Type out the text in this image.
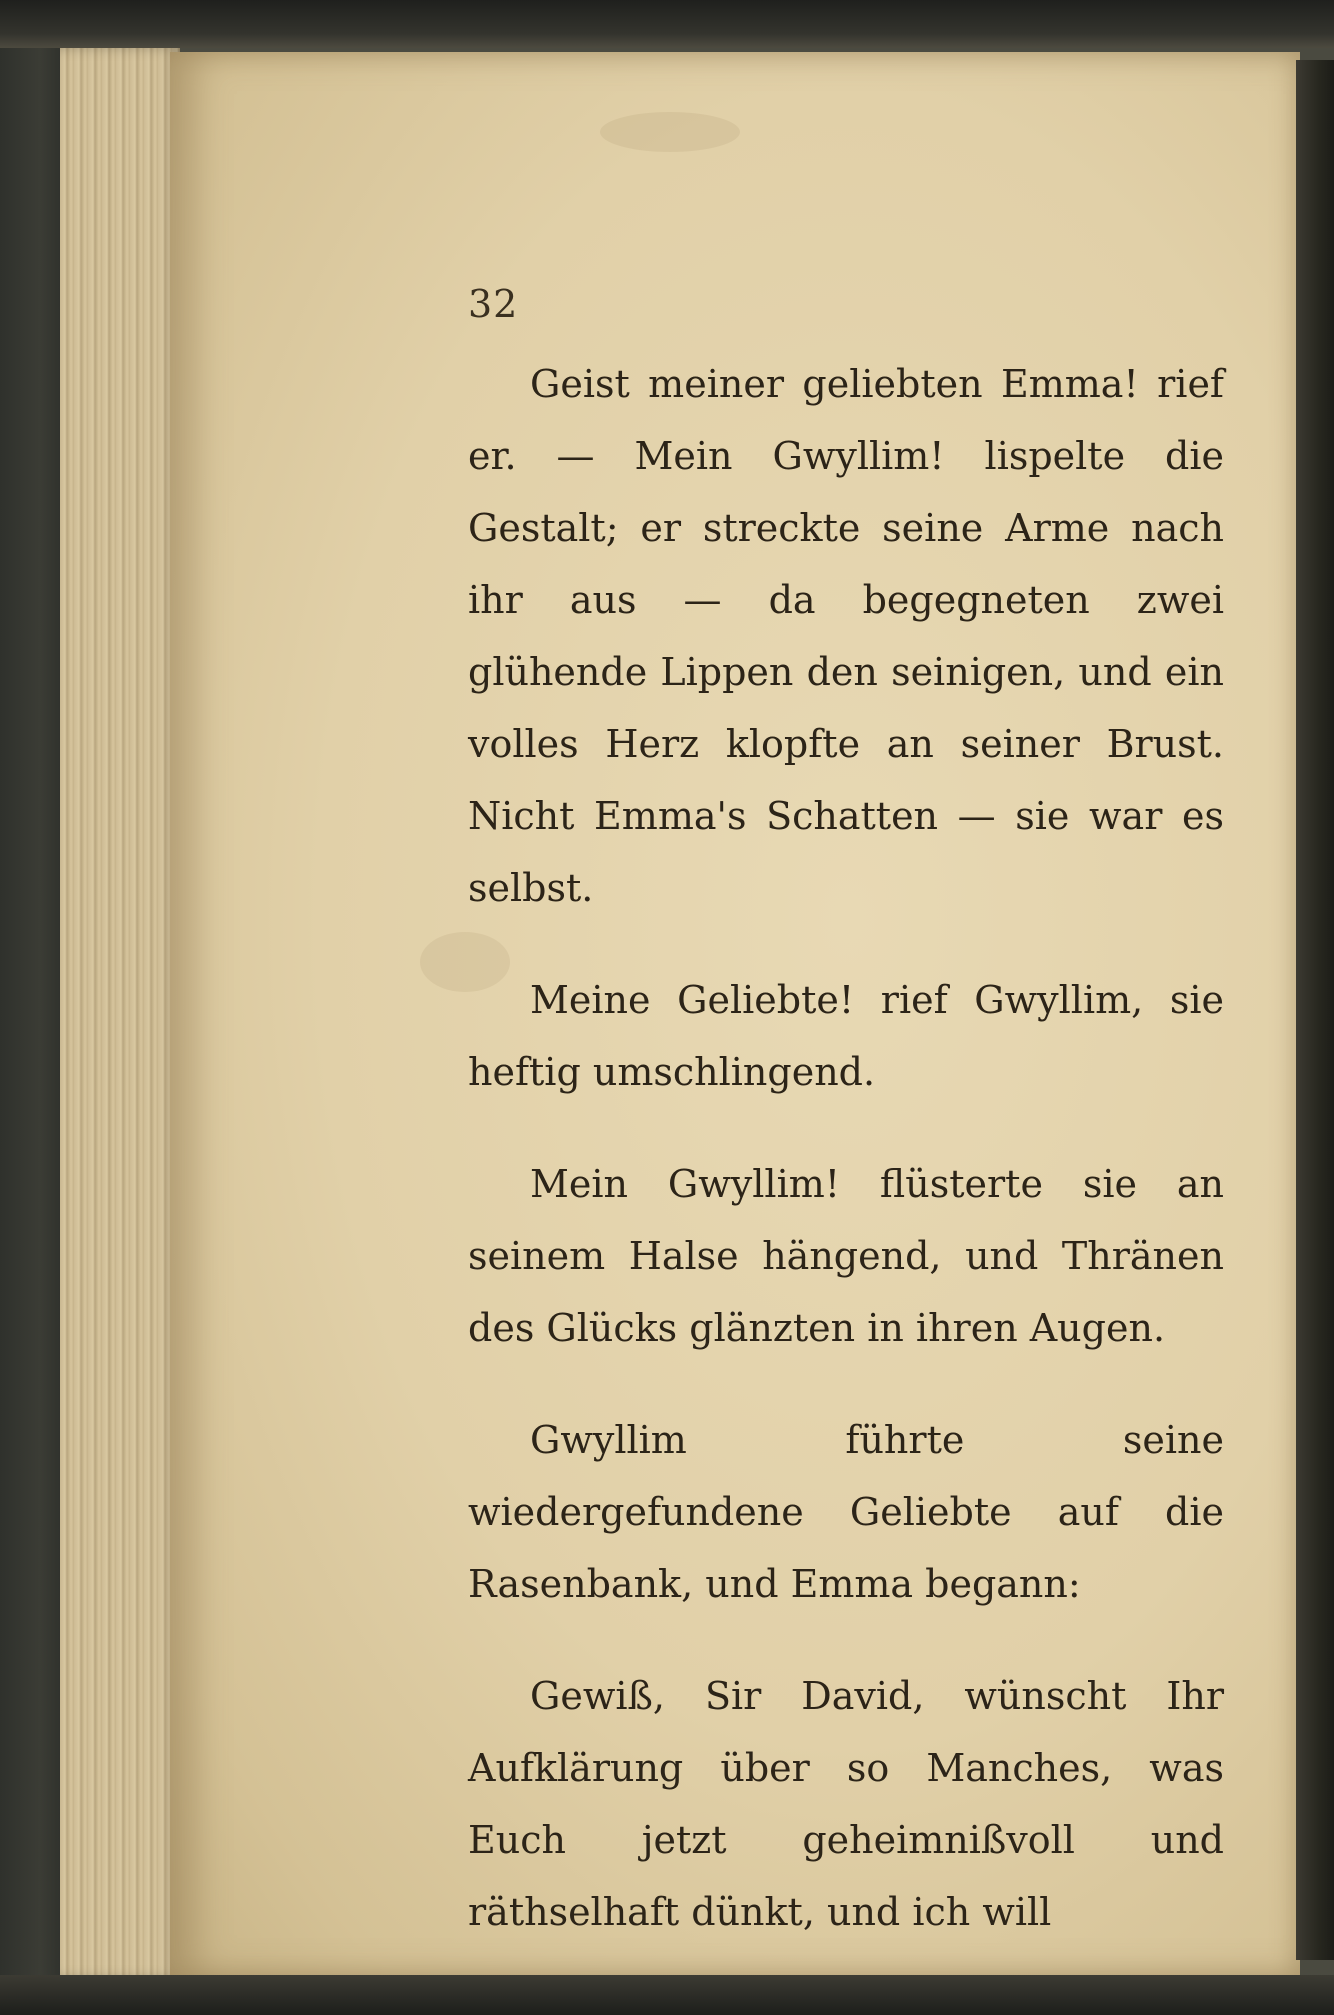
32

Geist meiner geliebten Emma! rief er. — Mein Gwyllim! lispelte die Gestalt; er streckte seine Arme nach ihr aus — da begegneten zwei glühende Lippen den seinigen, und ein volles Herz klopfte an seiner Brust. Nicht Emma's Schatten — sie war es selbst.

Meine Geliebte! rief Gwyllim, sie heftig umschlingend.

Mein Gwyllim! flüsterte sie an seinem Halse hängend, und Thränen des Glücks glänzten in ihren Augen.

Gwyllim führte seine wiedergefundene Geliebte auf die Rasenbank, und Emma begann:

Gewiß, Sir David, wünscht Ihr Aufklärung über so Manches, was Euch jetzt geheimnißvoll und räthselhaft dünkt, und ich will
